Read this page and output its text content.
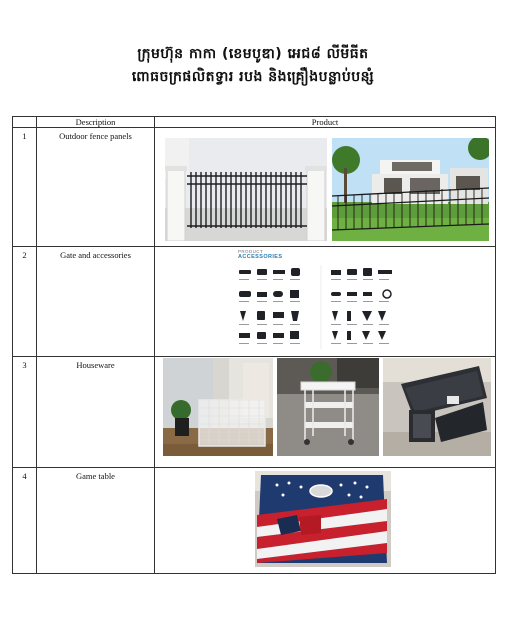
ក្រុមហ៊ុន កាកា (ខេមបូឌា) អេជ៨ លីមីធីត
ពោធចក្រផលិតទ្វារ របង និងគ្រឿងបន្លាប់បន្សំ
	Description	Product
1	Outdoor fence panels	

2	Gate and accessories	PRODUCT
ACCESSORIES

3	Houseware	

4	Game table	
